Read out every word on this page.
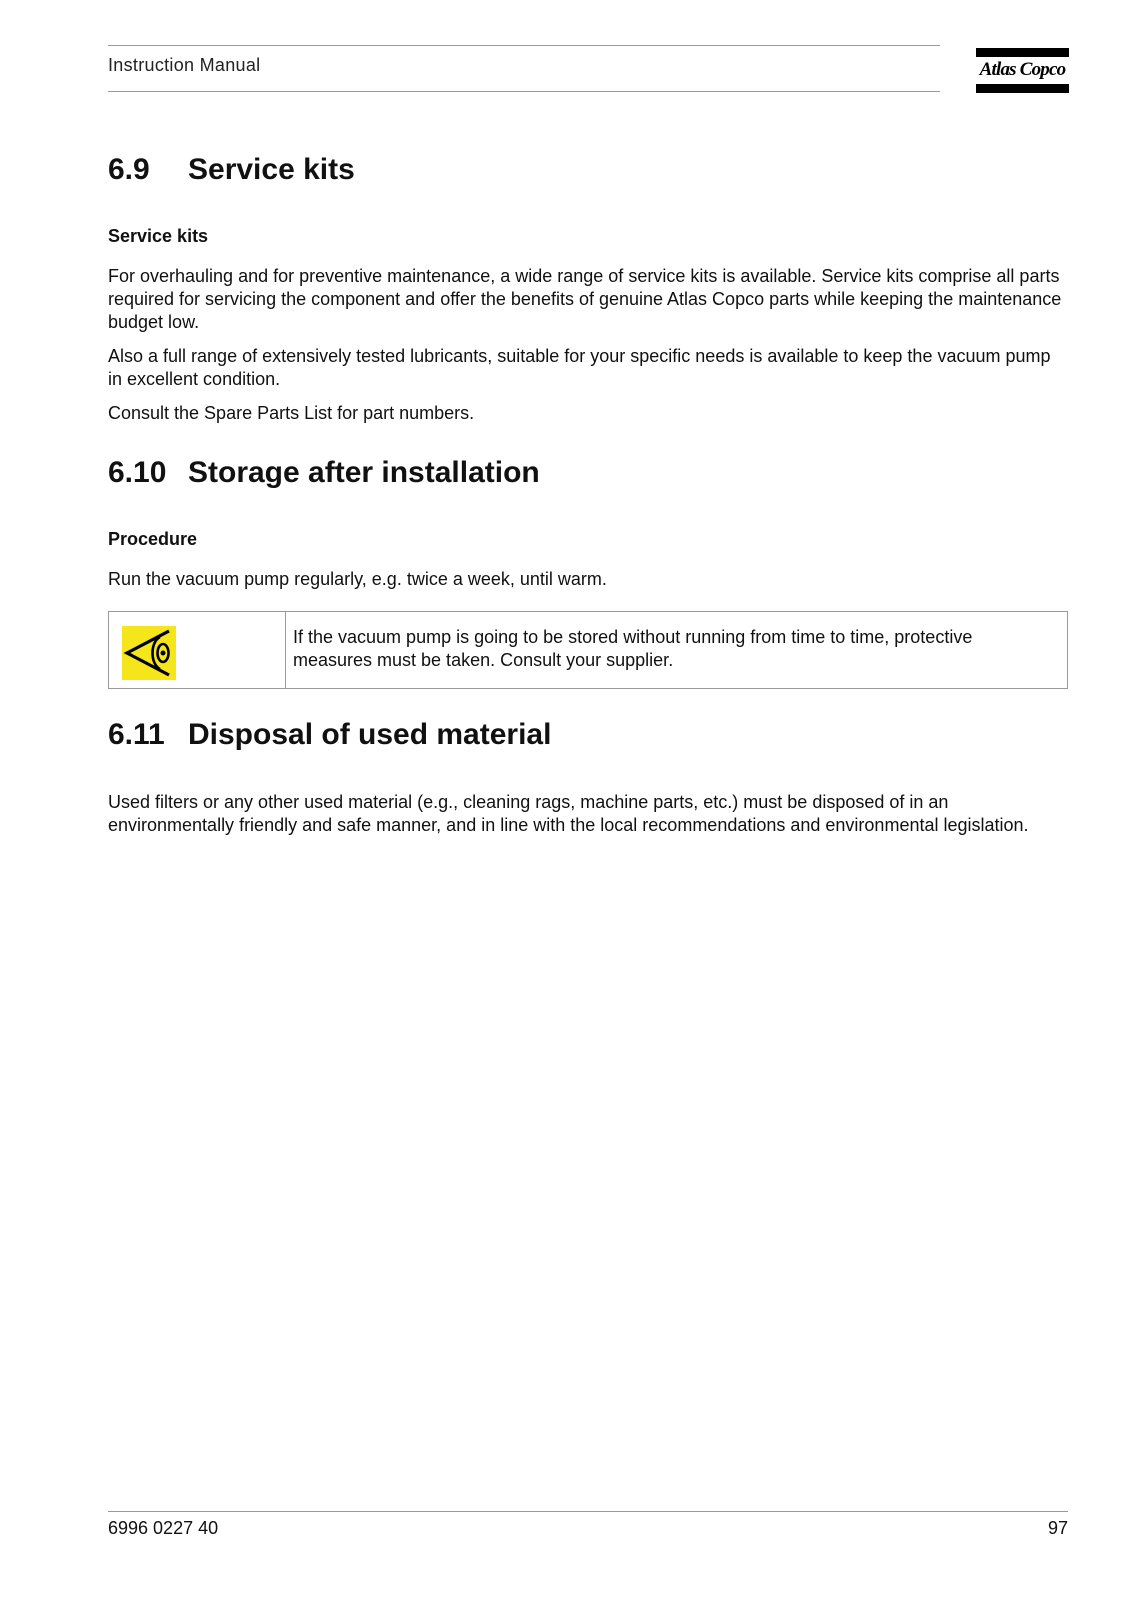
Instruction Manual	Atlas Copco
6.9 Service kits
Service kits
For overhauling and for preventive maintenance, a wide range of service kits is available. Service kits comprise all parts required for servicing the component and offer the benefits of genuine Atlas Copco parts while keeping the maintenance budget low.
Also a full range of extensively tested lubricants, suitable for your specific needs is available to keep the vacuum pump in excellent condition.
Consult the Spare Parts List for part numbers.
6.10 Storage after installation
Procedure
Run the vacuum pump regularly, e.g. twice a week, until warm.
If the vacuum pump is going to be stored without running from time to time, protective measures must be taken. Consult your supplier.
6.11 Disposal of used material
Used filters or any other used material (e.g., cleaning rags, machine parts, etc.) must be disposed of in an environmentally friendly and safe manner, and in line with the local recommendations and environmental legislation.
6996 0227 40	97
